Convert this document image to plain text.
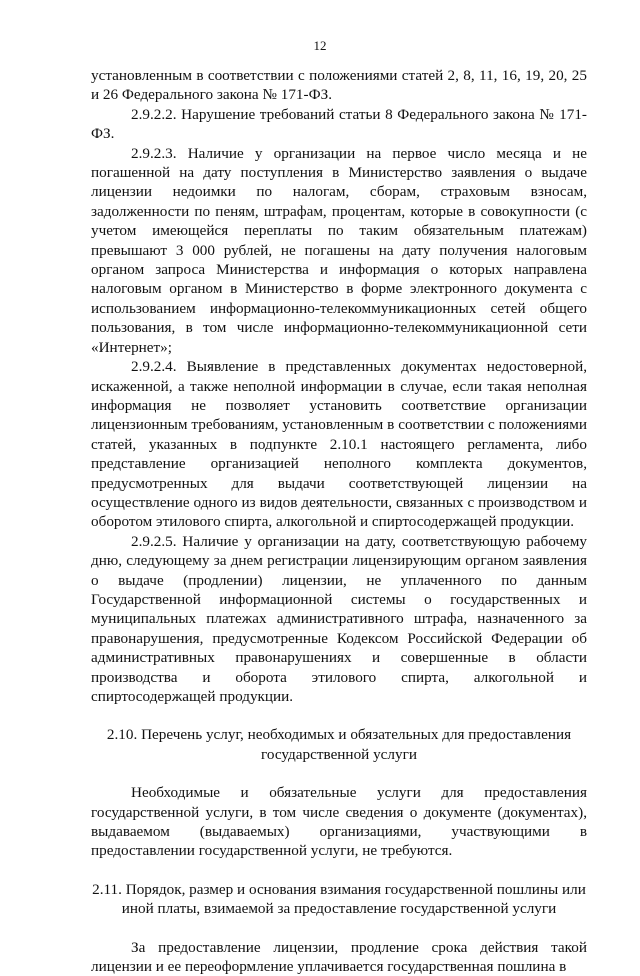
12

установленным в соответствии с положениями статей 2, 8, 11, 16, 19, 20, 25 и 26 Федерального закона № 171-ФЗ.

2.9.2.2. Нарушение требований статьи 8 Федерального закона № 171-ФЗ.

2.9.2.3. Наличие у организации на первое число месяца и не погашенной на дату поступления в Министерство заявления о выдаче лицензии недоимки по налогам, сборам, страховым взносам, задолженности по пеням, штрафам, процентам, которые в совокупности (с учетом имеющейся переплаты по таким обязательным платежам) превышают 3 000 рублей, не погашены на дату получения налоговым органом запроса Министерства и информация о которых направлена налоговым органом в Министерство в форме электронного документа с использованием информационно-телекоммуникационных сетей общего пользования, в том числе информационно-телекоммуникационной сети «Интернет»;

2.9.2.4. Выявление в представленных документах недостоверной, искаженной, а также неполной информации в случае, если такая неполная информация не позволяет установить соответствие организации лицензионным требованиям, установленным в соответствии с положениями статей, указанных в подпункте 2.10.1 настоящего регламента, либо представление организацией неполного комплекта документов, предусмотренных для выдачи соответствующей лицензии на осуществление одного из видов деятельности, связанных с производством и оборотом этилового спирта, алкогольной и спиртосодержащей продукции.

2.9.2.5. Наличие у организации на дату, соответствующую рабочему дню, следующему за днем регистрации лицензирующим органом заявления о выдаче (продлении) лицензии, не уплаченного по данным Государственной информационной системы о государственных и муниципальных платежах административного штрафа, назначенного за правонарушения, предусмотренные Кодексом Российской Федерации об административных правонарушениях и совершенные в области производства и оборота этилового спирта, алкогольной и спиртосодержащей продукции.

2.10. Перечень услуг, необходимых и обязательных для предоставления государственной услуги

Необходимые и обязательные услуги для предоставления государственной услуги, в том числе сведения о документе (документах), выдаваемом (выдаваемых) организациями, участвующими в предоставлении государственной услуги, не требуются.

2.11. Порядок, размер и основания взимания государственной пошлины или иной платы, взимаемой за предоставление государственной услуги

За предоставление лицензии, продление срока действия такой лицензии и ее переоформление уплачивается государственная пошлина в
